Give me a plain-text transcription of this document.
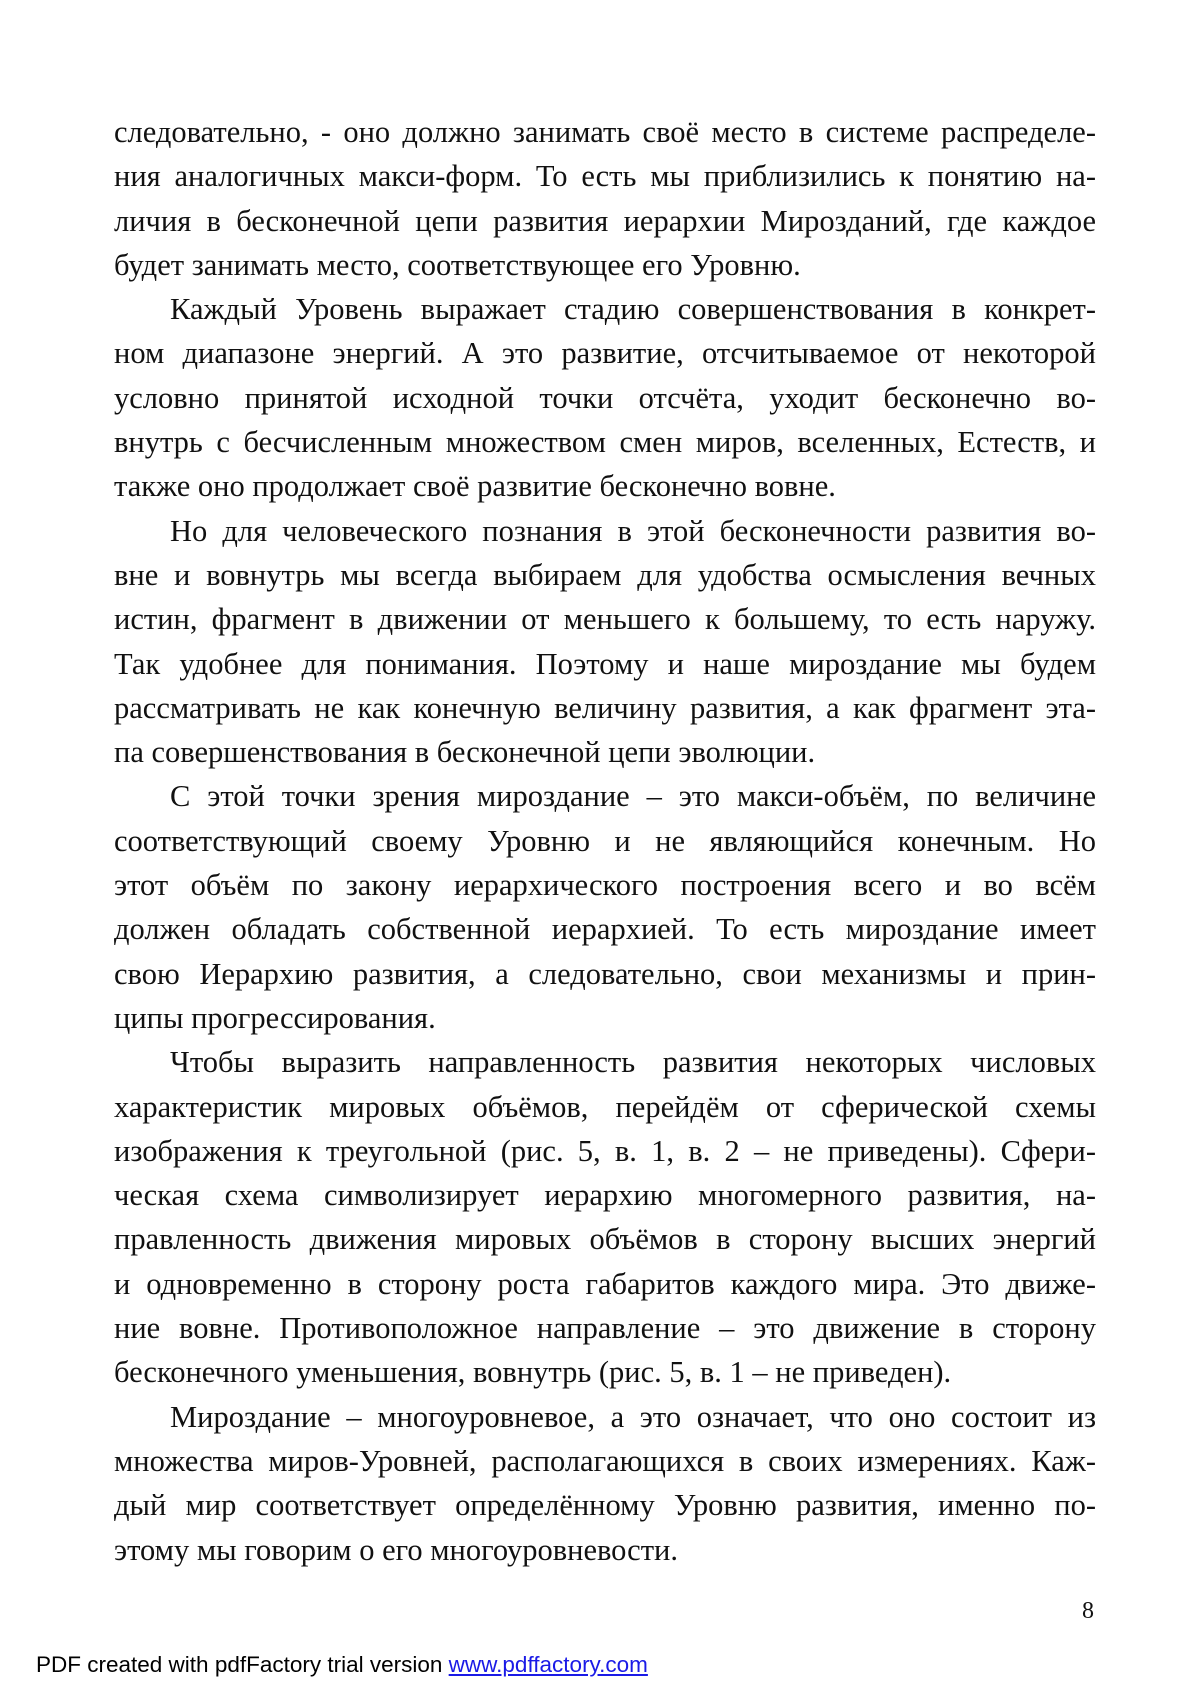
следовательно, - оно должно занимать своё место в системе распределе-
ния аналогичных макси-форм. То есть мы приблизились к понятию на-
личия в бесконечной цепи развития иерархии Мирозданий, где каждое
будет занимать место, соответствующее его Уровню.
Каждый Уровень выражает стадию совершенствования в конкрет-
ном диапазоне энергий. А это развитие, отсчитываемое от некоторой
условно принятой исходной точки отсчёта, уходит бесконечно во-
внутрь с бесчисленным множеством смен миров, вселенных, Естеств, и
также оно продолжает своё развитие бесконечно вовне.
Но для человеческого познания в этой бесконечности развития во-
вне и вовнутрь мы всегда выбираем для удобства осмысления вечных
истин, фрагмент в движении от меньшего к большему, то есть наружу.
Так удобнее для понимания. Поэтому и наше мироздание мы будем
рассматривать не как конечную величину развития, а как фрагмент эта-
па совершенствования в бесконечной цепи эволюции.
С этой точки зрения мироздание – это макси-объём, по величине
соответствующий своему Уровню и не являющийся конечным. Но
этот объём по закону иерархического построения всего и во всём
должен обладать собственной иерархией. То есть мироздание имеет
свою Иерархию развития, а следовательно, свои механизмы и прин-
ципы прогрессирования.
Чтобы выразить направленность развития некоторых числовых
характеристик мировых объёмов, перейдём от сферической схемы
изображения к треугольной (рис. 5, в. 1, в. 2 – не приведены). Сфери-
ческая схема символизирует иерархию многомерного развития, на-
правленность движения мировых объёмов в сторону высших энергий
и одновременно в сторону роста габаритов каждого мира. Это движе-
ние вовне. Противоположное направление – это движение в сторону
бесконечного уменьшения, вовнутрь (рис. 5, в. 1 – не приведен).
Мироздание – многоуровневое, а это означает, что оно состоит из
множества миров-Уровней, располагающихся в своих измерениях. Каж-
дый мир соответствует определённому Уровню развития, именно по-
этому мы говорим о его многоуровневости.
8
PDF created with pdfFactory trial version www.pdffactory.com
